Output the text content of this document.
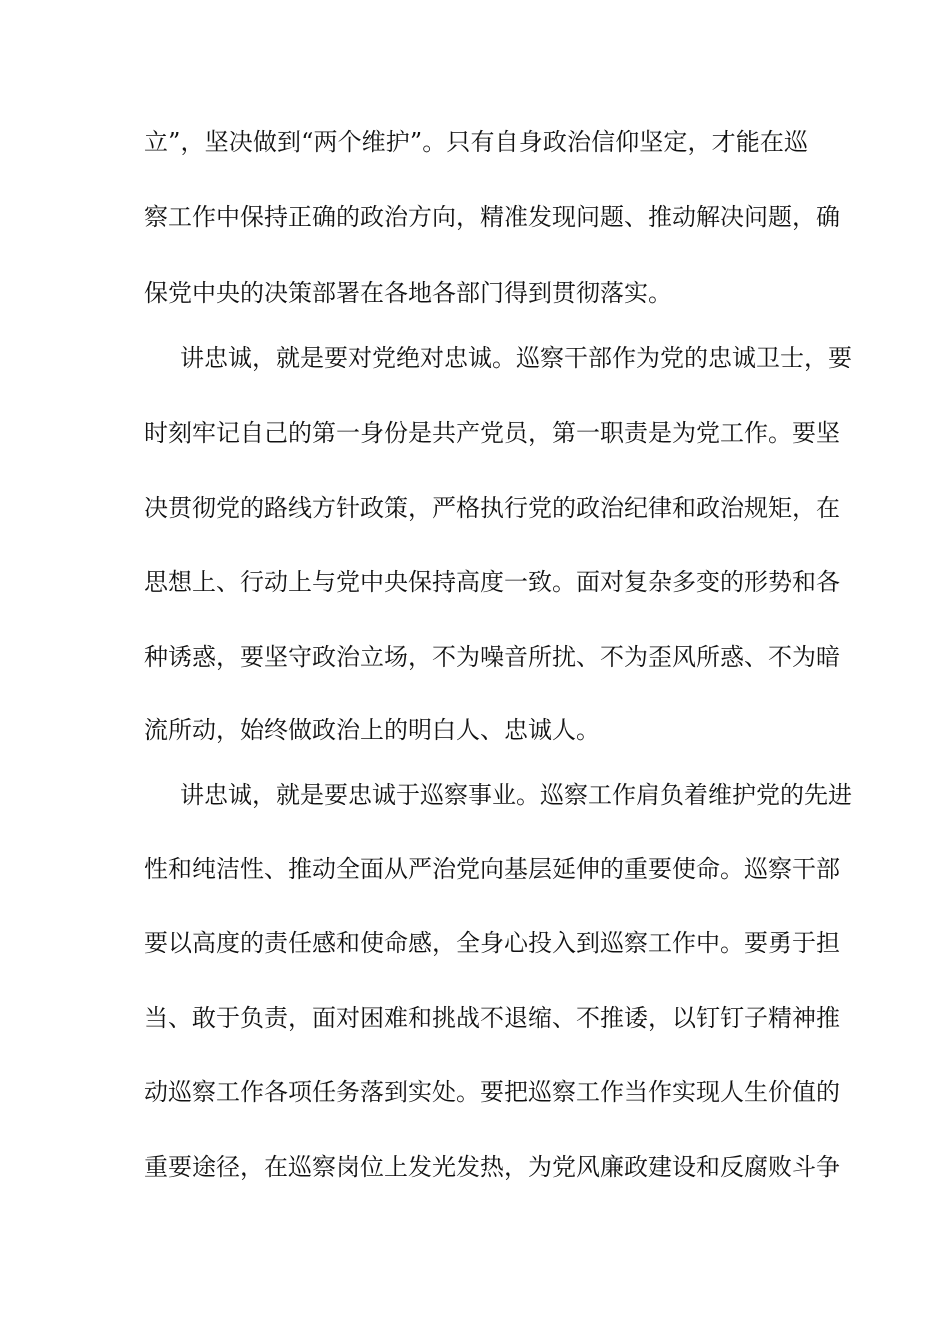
立”，坚决做到“两个维护”。只有自身政治信仰坚定，才能在巡
察工作中保持正确的政治方向，精准发现问题、推动解决问题，确
保党中央的决策部署在各地各部门得到贯彻落实。
讲忠诚，就是要对党绝对忠诚。巡察干部作为党的忠诚卫士，要
时刻牢记自己的第一身份是共产党员，第一职责是为党工作。要坚
决贯彻党的路线方针政策，严格执行党的政治纪律和政治规矩，在
思想上、行动上与党中央保持高度一致。面对复杂多变的形势和各
种诱惑，要坚守政治立场，不为噪音所扰、不为歪风所惑、不为暗
流所动，始终做政治上的明白人、忠诚人。
讲忠诚，就是要忠诚于巡察事业。巡察工作肩负着维护党的先进
性和纯洁性、推动全面从严治党向基层延伸的重要使命。巡察干部
要以高度的责任感和使命感，全身心投入到巡察工作中。要勇于担
当、敢于负责，面对困难和挑战不退缩、不推诿，以钉钉子精神推
动巡察工作各项任务落到实处。要把巡察工作当作实现人生价值的
重要途径，在巡察岗位上发光发热，为党风廉政建设和反腐败斗争
